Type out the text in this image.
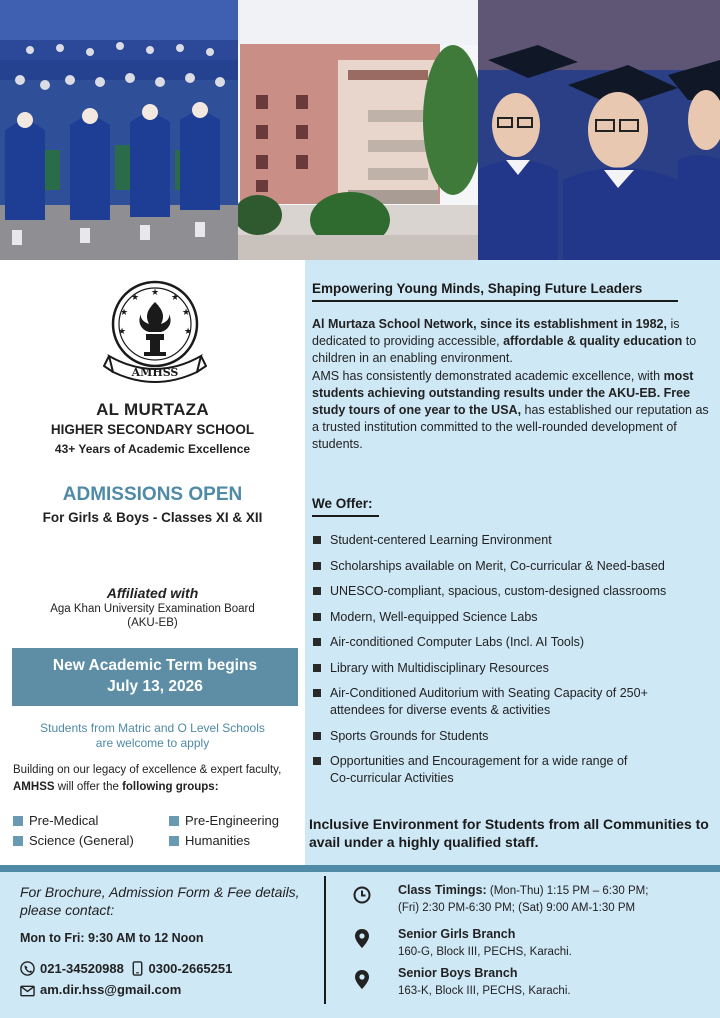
★ ★
★
★
★
★
★
AMHSS
AL MURTAZA
HIGHER SECONDARY SCHOOL
43+ Years of Academic Excellence
ADMISSIONS OPEN
For Girls & Boys - Classes XI & XII
Affiliated with
Aga Khan University Examination Board
(AKU-EB)
New Academic Term begins
July 13, 2026
Students from Matric and O Level Schools
are welcome to apply
Building on our legacy of excellence & expert faculty, AMHSS will offer the following groups:
Pre-Medical	Pre-Engineering
Science (General)	Humanities
Empowering Young Minds, Shaping Future Leaders
Al Murtaza School Network, since its establishment in 1982, is dedicated to providing accessible, affordable & quality education to children in an enabling environment.
AMS has consistently demonstrated academic excellence, with most students achieving outstanding results under the AKU-EB. Free study tours of one year to the USA, has established our reputation as a trusted institution committed to the well-rounded development of students.
We Offer:
Student-centered Learning Environment
Scholarships available on Merit, Co-curricular & Need-based
UNESCO-compliant, spacious, custom-designed classrooms
Modern, Well-equipped Science Labs
Air-conditioned Computer Labs (Incl. AI Tools)
Library with Multidisciplinary Resources
Air-Conditioned Auditorium with Seating Capacity of 250+ attendees for diverse events & activities
Sports Grounds for Students
Opportunities and Encouragement for a wide range of Co-curricular Activities
Inclusive Environment for Students from all Communities to avail under a highly qualified staff.
For Brochure, Admission Form & Fee details, please contact:
Mon to Fri: 9:30 AM to 12 Noon
021-34520988 0300-2665251
am.dir.hss@gmail.com
Class Timings: (Mon-Thu) 1:15 PM – 6:30 PM;
(Fri) 2:30 PM-6:30 PM; (Sat) 9:00 AM-1:30 PM
Senior Girls Branch
160-G, Block III, PECHS, Karachi.
Senior Boys Branch
163-K, Block III, PECHS, Karachi.
